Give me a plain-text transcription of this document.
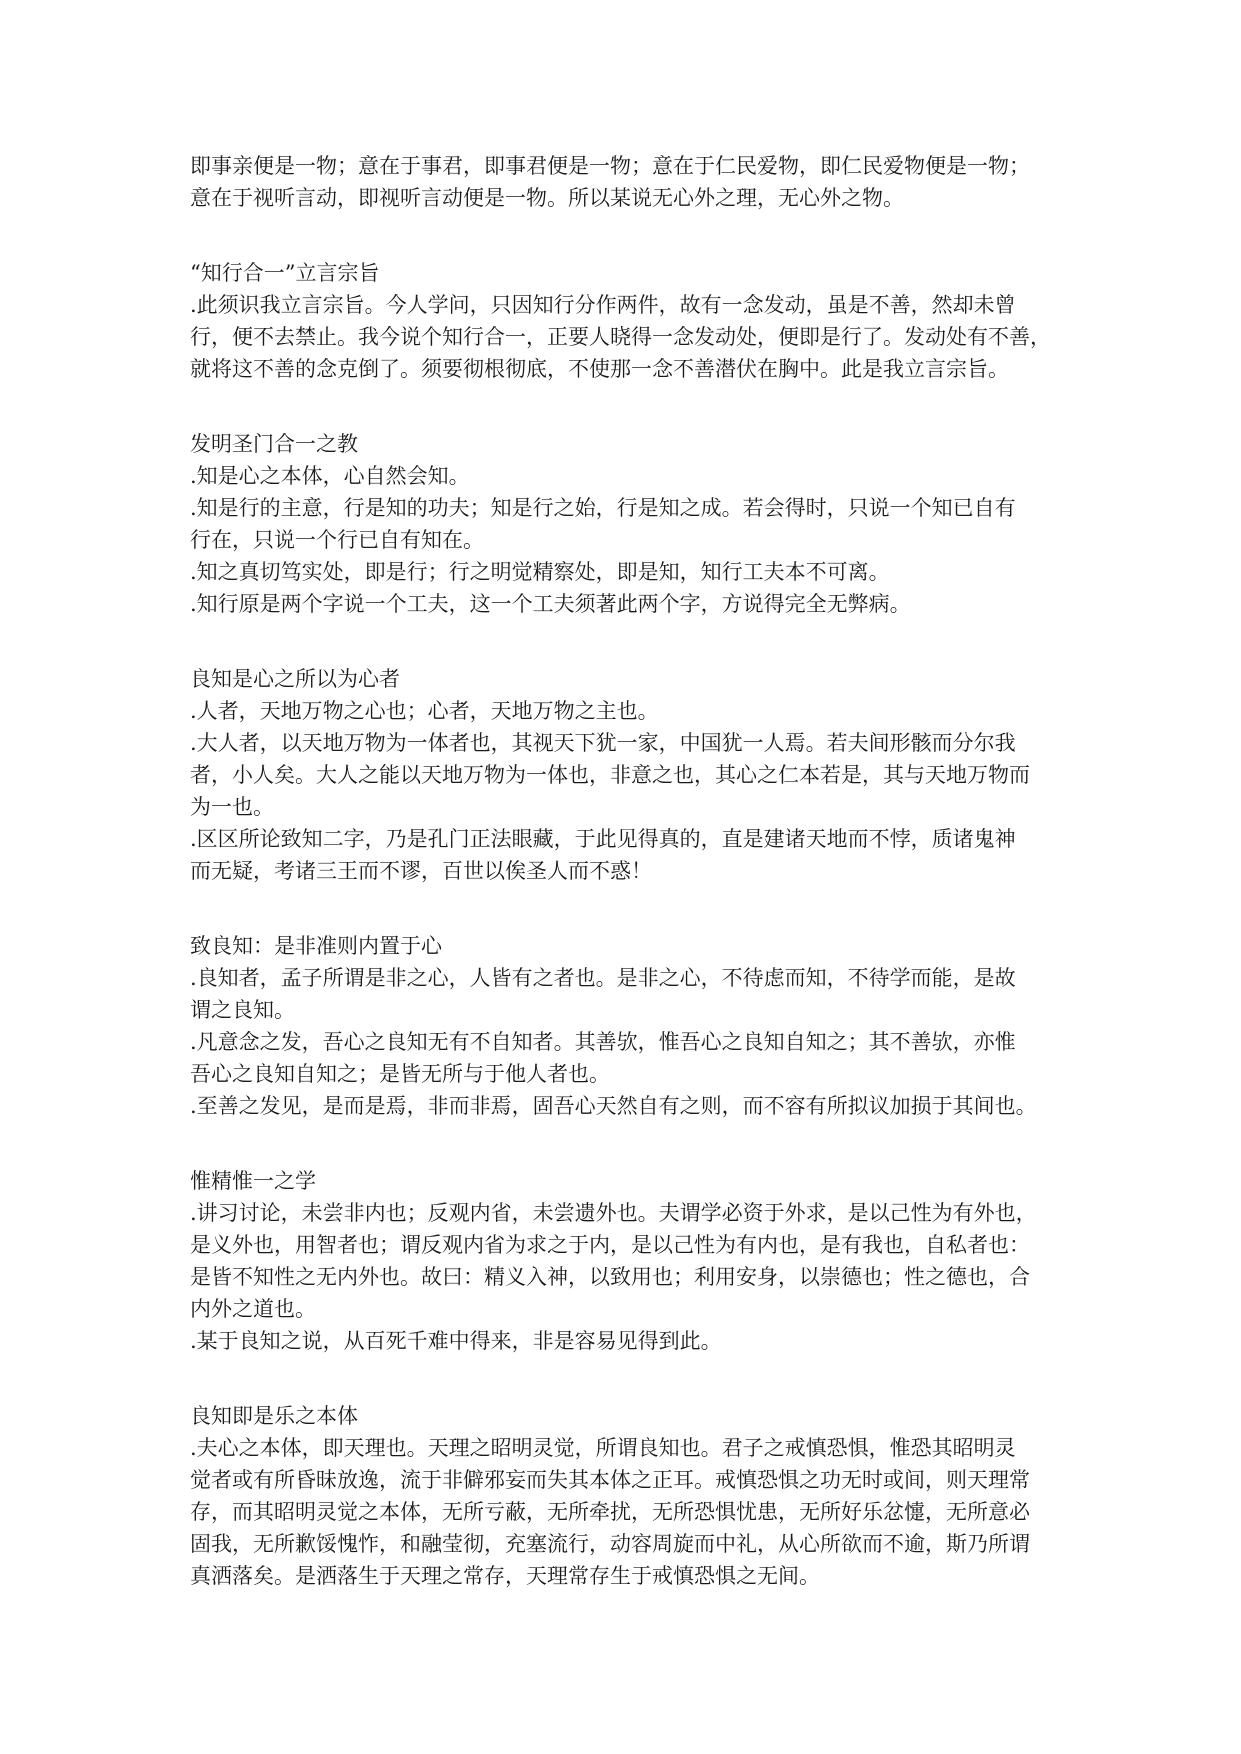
即事亲便是一物；意在于事君，即事君便是一物；意在于仁民爱物，即仁民爱物便是一物；
意在于视听言动，即视听言动便是一物。所以某说无心外之理，无心外之物。
“知行合一”立言宗旨
.此须识我立言宗旨。今人学问，只因知行分作两件，故有一念发动，虽是不善，然却未曾
行，便不去禁止。我今说个知行合一，正要人晓得一念发动处，便即是行了。发动处有不善，
就将这不善的念克倒了。须要彻根彻底，不使那一念不善潜伏在胸中。此是我立言宗旨。
发明圣门合一之教
.知是心之本体，心自然会知。
.知是行的主意，行是知的功夫；知是行之始，行是知之成。若会得时，只说一个知已自有
行在，只说一个行已自有知在。
.知之真切笃实处，即是行；行之明觉精察处，即是知，知行工夫本不可离。
.知行原是两个字说一个工夫，这一个工夫须著此两个字，方说得完全无弊病。
良知是心之所以为心者
.人者，天地万物之心也；心者，天地万物之主也。
.大人者，以天地万物为一体者也，其视天下犹一家，中国犹一人焉。若夫间形骸而分尔我
者，小人矣。大人之能以天地万物为一体也，非意之也，其心之仁本若是，其与天地万物而
为一也。
.区区所论致知二字，乃是孔门正法眼藏，于此见得真的，直是建诸天地而不悖，质诸鬼神
而无疑，考诸三王而不谬，百世以俟圣人而不惑！
致良知：是非准则内置于心
.良知者，孟子所谓是非之心，人皆有之者也。是非之心，不待虑而知，不待学而能，是故
谓之良知。
.凡意念之发，吾心之良知无有不自知者。其善欤，惟吾心之良知自知之；其不善欤，亦惟
吾心之良知自知之；是皆无所与于他人者也。
.至善之发见，是而是焉，非而非焉，固吾心天然自有之则，而不容有所拟议加损于其间也。
惟精惟一之学
.讲习讨论，未尝非内也；反观内省，未尝遗外也。夫谓学必资于外求，是以己性为有外也，
是义外也，用智者也；谓反观内省为求之于内，是以己性为有内也，是有我也，自私者也：
是皆不知性之无内外也。故曰：精义入神，以致用也；利用安身，以崇德也；性之德也，合
内外之道也。
.某于良知之说，从百死千难中得来，非是容易见得到此。
良知即是乐之本体
.夫心之本体，即天理也。天理之昭明灵觉，所谓良知也。君子之戒慎恐惧，惟恐其昭明灵
觉者或有所昏昧放逸，流于非僻邪妄而失其本体之正耳。戒慎恐惧之功无时或间，则天理常
存，而其昭明灵觉之本体，无所亏蔽，无所牵扰，无所恐惧忧患，无所好乐忿懥，无所意必
固我，无所歉馁愧怍，和融莹彻，充塞流行，动容周旋而中礼，从心所欲而不逾，斯乃所谓
真洒落矣。是洒落生于天理之常存，天理常存生于戒慎恐惧之无间。
